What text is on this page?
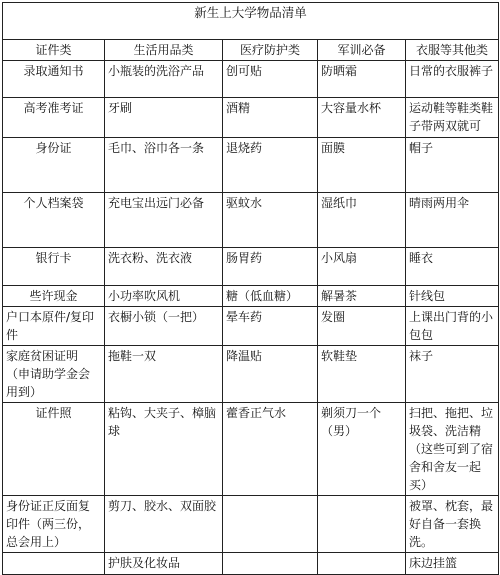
新生上大学物品清单				
证件类	生活用品类	医疗防护类	军训必备	衣服等其他类
录取通知书	小瓶装的洗浴产品	创可贴	防晒霜	日常的衣服裤子
高考准考证	牙刷	酒精	大容量水杯	运动鞋等鞋类鞋子带两双就可
身份证	毛巾、浴巾各一条	退烧药	面膜	帽子
个人档案袋	充电宝出远门必备	驱蚊水	湿纸巾	晴雨两用伞
银行卡	洗衣粉、洗衣液	肠胃药	小风扇	睡衣
些许现金	小功率吹风机	糖（低血糖）	解暑茶	针线包
户口本原件/复印件	衣橱小锁（一把）	晕车药	发圈	上课出门背的小包包
家庭贫困证明（申请助学金会用到）	拖鞋一双	降温贴	软鞋垫	袜子
证件照	粘钩、大夹子、樟脑球	藿香正气水	剃须刀一个（男）	扫把、拖把、垃圾袋、洗洁精（这些可到了宿舍和舍友一起买）
身份证正反面复印件（两三份，总会用上）	剪刀、胶水、双面胶			被罩、枕套，最好自备一套换洗。
	护肤及化妆品			床边挂篮
